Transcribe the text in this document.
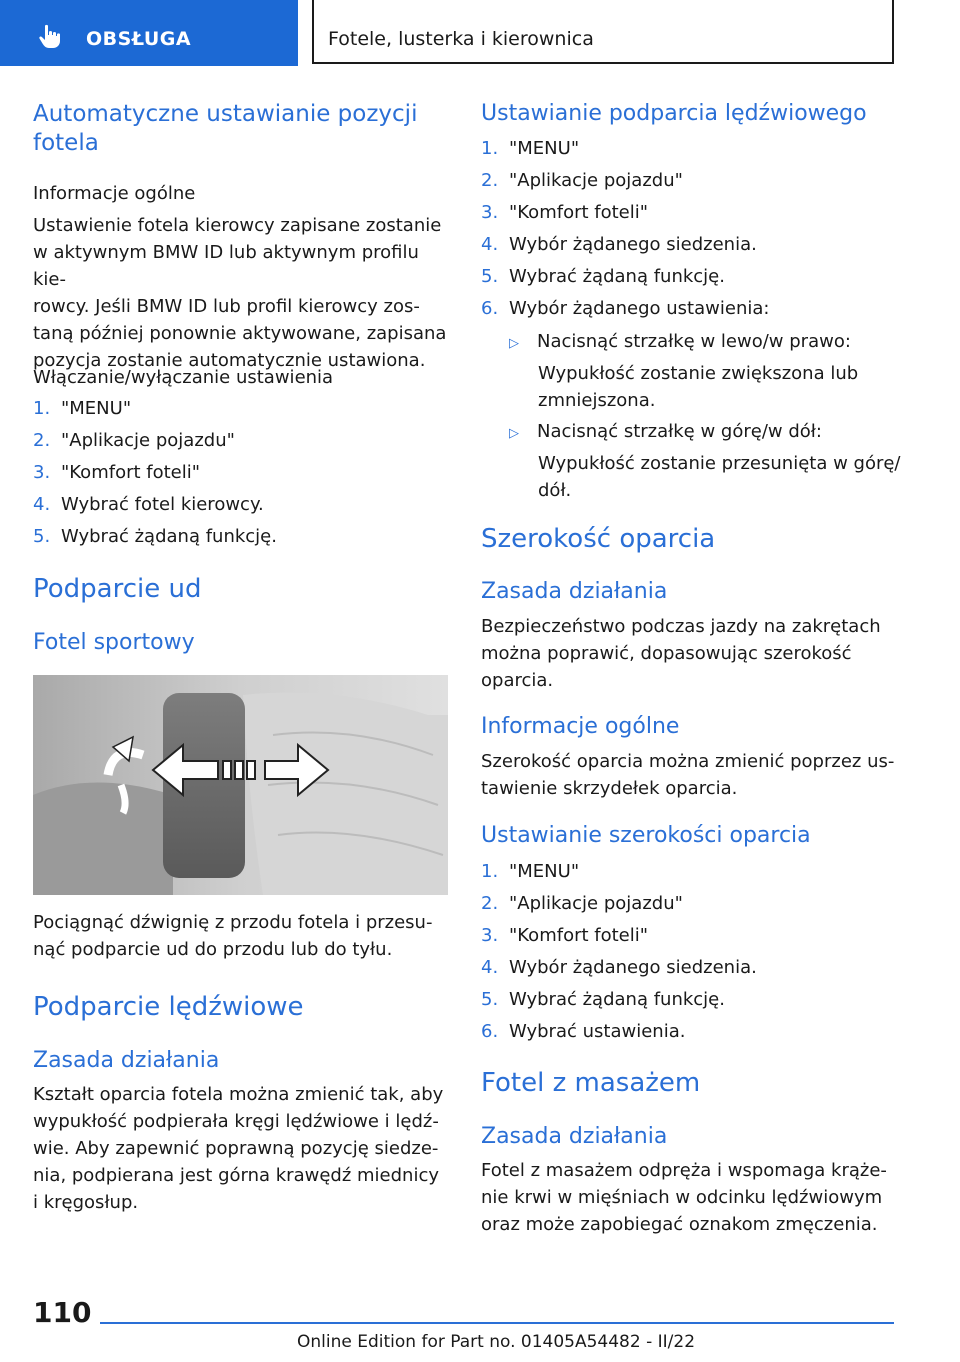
OBSŁUGA	Fotele, lusterka i kierownica
Automatyczne ustawianie pozycji fotela

Informacje ogólne

Ustawienie fotela kierowcy zapisane zostanie
w aktywnym BMW ID lub aktywnym profilu kie-
rowcy. Jeśli BMW ID lub profil kierowcy zos-
taną później ponownie aktywowane, zapisana
pozycja zostanie automatycznie ustawiona.

Włączanie/wyłączanie ustawienia

1. "MENU"
2. "Aplikacje pojazdu"
3. "Komfort foteli"
4. Wybrać fotel kierowcy.
5. Wybrać żądaną funkcję.
Podparcie ud
Fotel sportowy
Pociągnąć dźwignię z przodu fotela i przesu-
nąć podparcie ud do przodu lub do tyłu.
Podparcie lędźwiowe
Zasada działania
Kształt oparcia fotela można zmienić tak, aby
wypukłość podpierała kręgi lędźwiowe i lędź-
wie. Aby zapewnić poprawną pozycję siedze-
nia, podpierana jest górna krawędź miednicy
i kręgosłup.
Ustawianie podparcia lędźwiowego
1. "MENU"
2. "Aplikacje pojazdu"
3. "Komfort foteli"
4. Wybór żądanego siedzenia.
5. Wybrać żądaną funkcję.
6. Wybór żądanego ustawienia:
▷ Nacisnąć strzałkę w lewo/w prawo:
Wypukłość zostanie zwiększona lub
zmniejszona.
▷ Nacisnąć strzałkę w górę/w dół:
Wypukłość zostanie przesunięta w górę/
dół.
Szerokość oparcia
Zasada działania
Bezpieczeństwo podczas jazdy na zakrętach
można poprawić, dopasowując szerokość
oparcia.
Informacje ogólne
Szerokość oparcia można zmienić poprzez us-
tawienie skrzydełek oparcia.
Ustawianie szerokości oparcia
1. "MENU"
2. "Aplikacje pojazdu"
3. "Komfort foteli"
4. Wybór żądanego siedzenia.
5. Wybrać żądaną funkcję.
6. Wybrać ustawienia.
Fotel z masażem
Zasada działania
Fotel z masażem odpręża i wspomaga krąże-
nie krwi w mięśniach w odcinku lędźwiowym
oraz może zapobiegać oznakom zmęczenia.
110
Online Edition for Part no. 01405A54482 - II/22
